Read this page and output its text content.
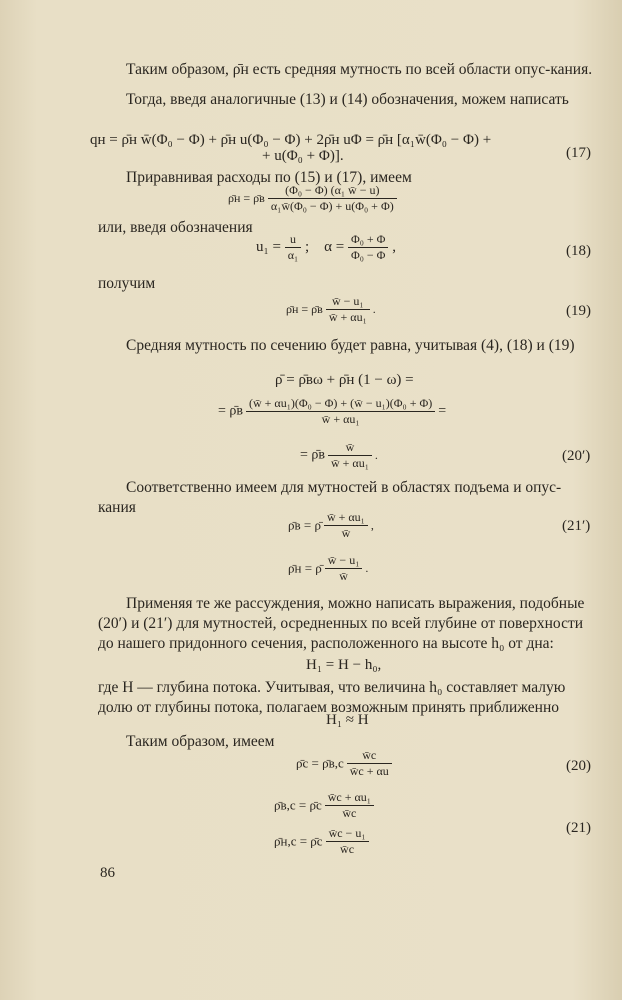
Таким образом, ρ̄н есть средняя мутность по всей области опус-кания.

Тогда, введя аналогичные (13) и (14) обозначения, можем написать

qн = ρ̄н w̄(Φ₀ − Φ) + ρ̄н u(Φ₀ − Φ) + 2ρ̄н uΦ = ρ̄н [α₁w̄(Φ₀ − Φ) +
+ u(Φ₀ + Φ)].	(17)

Приравнивая расходы по (15) и (17), имеем

ρ̄н = ρ̄в $\frac{\text{(Φ₀ − Φ) (α₁ w̄ − u)}}{\text{α₁w̄(Φ₀ − Φ) + u(Φ₀ + Φ)}}$

или, введя обозначения

$u_1 = \frac{u}{\text{α₁}}$ ;    $\alpha = \frac{\text{Φ₀ + Φ}}{\text{Φ₀ − Φ}}$ ,	(18)

получим

ρ̄н = ρ̄в $\frac{\text{w̄ − u₁}}{\text{w̄ + αu₁}}$ .	(19)

Средняя мутность по сечению будет равна, учитывая (4), (18) и (19)

ρ̄ = ρ̄вω + ρ̄н (1 − ω) =
= ρ̄в $\frac{\text{(w̄ + αu₁)(Φ₀ − Φ) + (w̄ − u₁)(Φ₀ + Φ)}}{\text{w̄ + αu₁}}$ =
= ρ̄в $\frac{w̄}{\text{w̄ + αu₁}}$ .	(20′)

Соответственно имеем для мутностей в областях подъема и опус-кания

ρ̄в = ρ̄ $\frac{\text{w̄ + αu₁}}{w̄}$ ,	(21′)
ρ̄н = ρ̄ $\frac{\text{w̄ − u₁}}{w̄}$ .

Применяя те же рассуждения, можно написать выражения, подобные (20′) и (21′) для мутностей, осредненных по всей глубине от поверхности до нашего придонного сечения, расположенного на высоте h₀ от дна:

H₁ = H − h₀,

где H — глубина потока. Учитывая, что величина h₀ составляет малую долю от глубины потока, полагаем возможным принять приближенно

H₁ ≈ H

Таким образом, имеем

ρ̄с = ρ̄в,с $\frac{w̄с}{w̄с + \alpha u}$	(20)
ρ̄в,с = ρ̄с $\frac{\text{w̄с + αu₁}}{w̄с}$
(21)
ρ̄н,с = ρ̄с $\frac{\text{w̄с − u₁}}{w̄с}$
86
